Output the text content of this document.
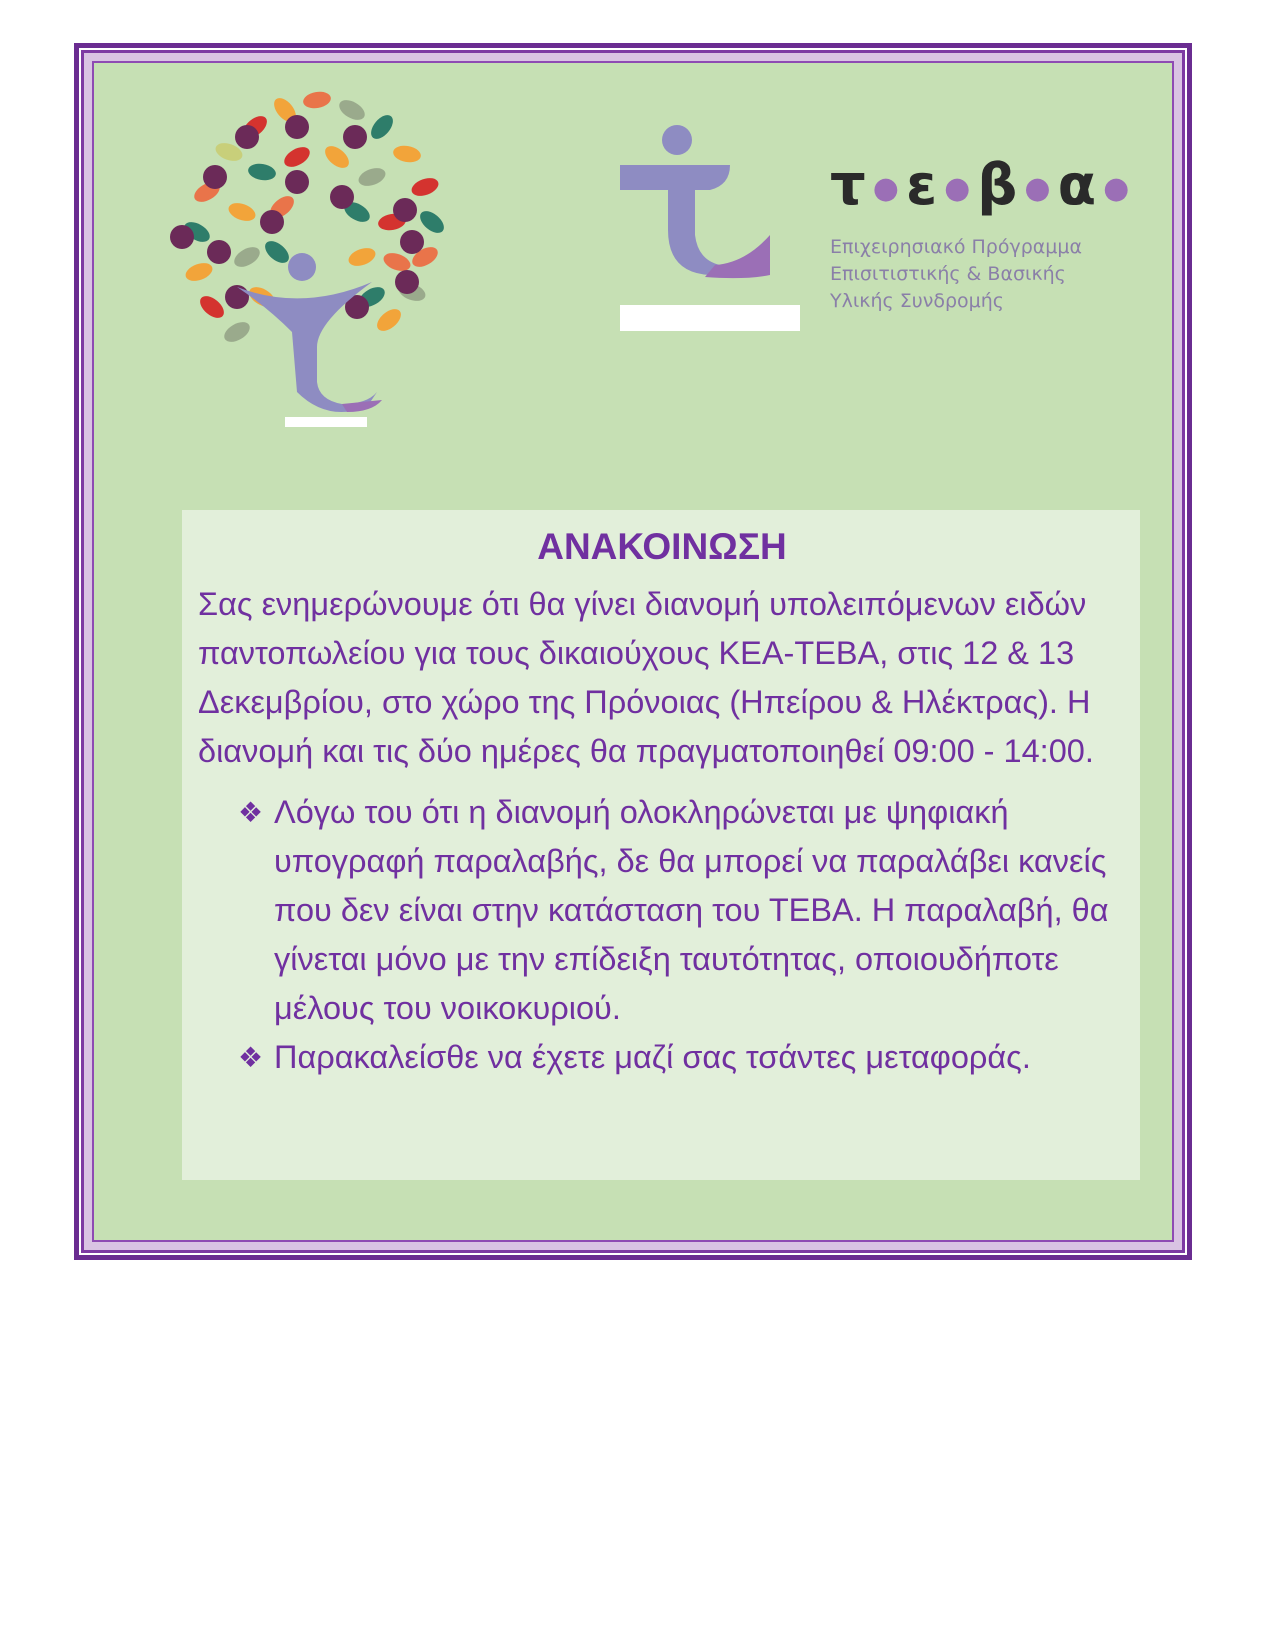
τ ● ε ● β ● α ●
Επιχειρησιακό Πρόγραμμα
Επισιτιστικής & Βασικής
Υλικής Συνδρομής
ΑΝΑΚΟΙΝΩΣΗ

Σας ενημερώνουμε ότι θα γίνει διανομή υπολειπόμενων ειδών παντοπωλείου για τους δικαιούχους ΚΕΑ-ΤΕΒΑ, στις 12 & 13 Δεκεμβρίου, στο χώρο της Πρόνοιας (Ηπείρου & Ηλέκτρας). Η διανομή και τις δύο ημέρες θα πραγματοποιηθεί 09:00 - 14:00.

❖ Λόγω του ότι η διανομή ολοκληρώνεται με ψηφιακή υπογραφή παραλαβής, δε θα μπορεί να παραλάβει κανείς που δεν είναι στην κατάσταση του ΤΕΒΑ. Η παραλαβή, θα γίνεται μόνο με την επίδειξη ταυτότητας, οποιουδήποτε μέλους του νοικοκυριού.
❖ Παρακαλείσθε να έχετε μαζί σας τσάντες μεταφοράς.
